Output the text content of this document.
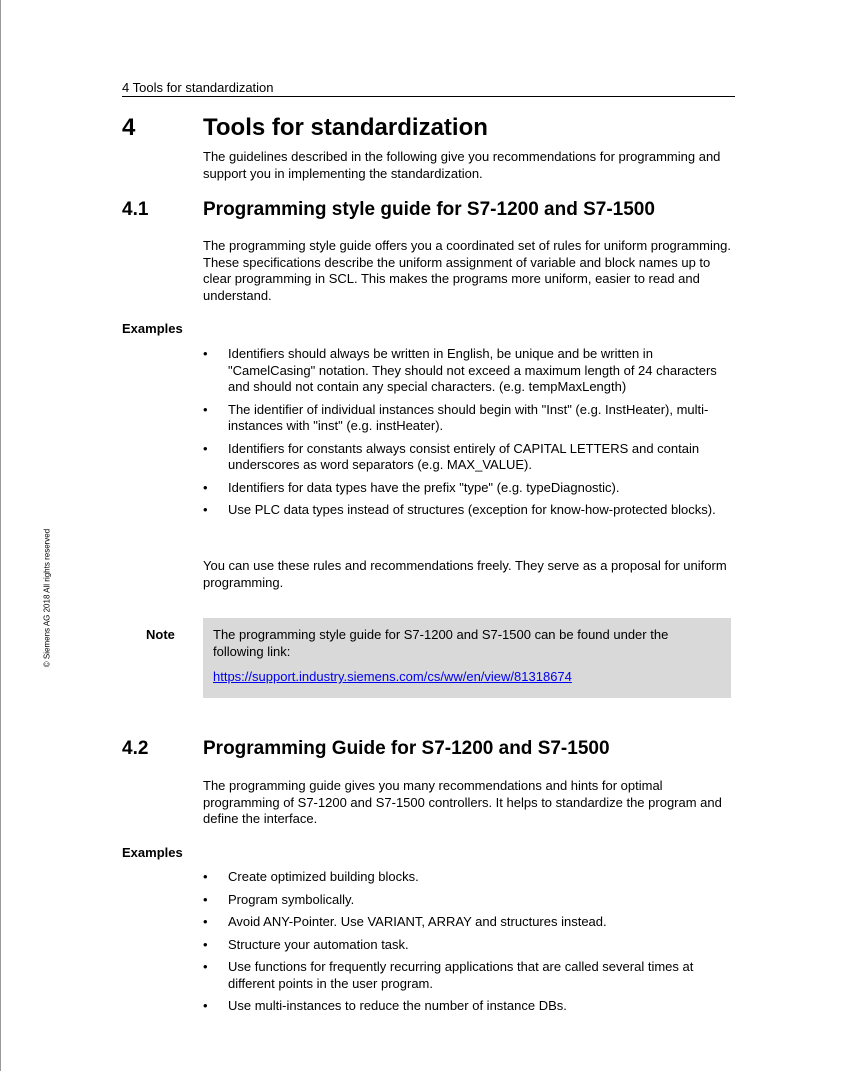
4 Tools for standardization
© Siemens AG 2018 All rights reserved
4	Tools for standardization
The guidelines described in the following give you recommendations for programming and support you in implementing the standardization.
4.1	Programming style guide for S7-1200 and S7-1500
The programming style guide offers you a coordinated set of rules for uniform programming. These specifications describe the uniform assignment of variable and block names up to clear programming in SCL. This makes the programs more uniform, easier to read and understand.
Examples
• Identifiers should always be written in English, be unique and be written in "CamelCasing" notation. They should not exceed a maximum length of 24 characters and should not contain any special characters. (e.g. tempMaxLength)
• The identifier of individual instances should begin with "Inst" (e.g. InstHeater), multi-instances with "inst" (e.g. instHeater).
• Identifiers for constants always consist entirely of CAPITAL LETTERS and contain underscores as word separators (e.g. MAX_VALUE).
• Identifiers for data types have the prefix "type" (e.g. typeDiagnostic).
• Use PLC data types instead of structures (exception for know-how-protected blocks).
You can use these rules and recommendations freely. They serve as a proposal for uniform programming.
Note	The programming style guide for S7-1200 and S7-1500 can be found under the following link:
https://support.industry.siemens.com/cs/ww/en/view/81318674
4.2	Programming Guide for S7-1200 and S7-1500
The programming guide gives you many recommendations and hints for optimal programming of S7-1200 and S7-1500 controllers. It helps to standardize the program and define the interface.
Examples
• Create optimized building blocks.
• Program symbolically.
• Avoid ANY-Pointer. Use VARIANT, ARRAY and structures instead.
• Structure your automation task.
• Use functions for frequently recurring applications that are called several times at different points in the user program.
• Use multi-instances to reduce the number of instance DBs.
